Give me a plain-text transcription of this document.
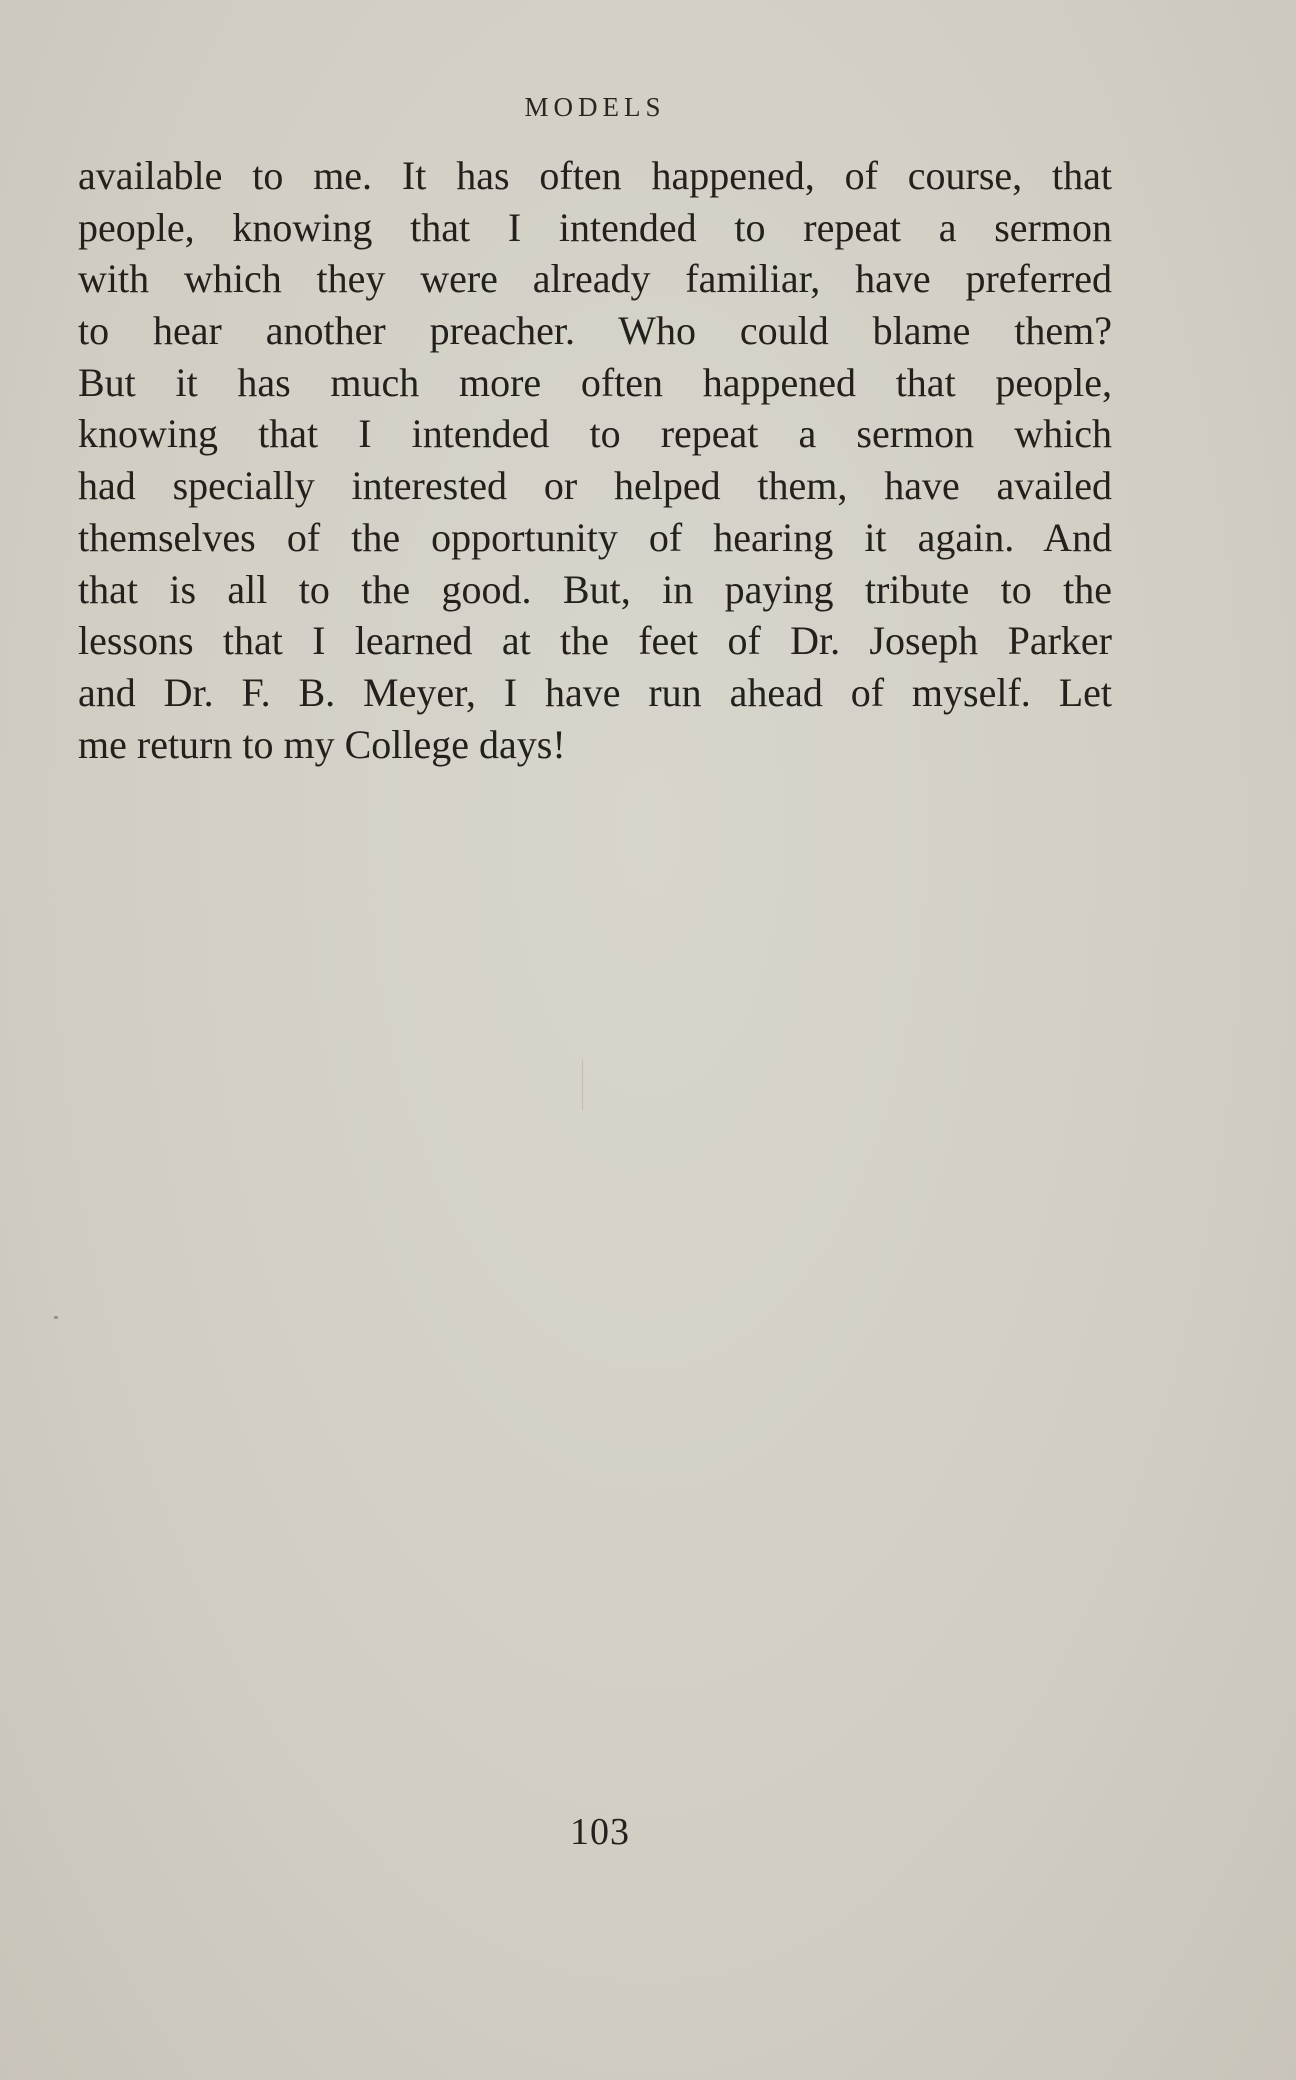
MODELS
available to me. It has often happened, of course, that
people, knowing that I intended to repeat a sermon
with which they were already familiar, have preferred
to hear another preacher. Who could blame them?
But it has much more often happened that people,
knowing that I intended to repeat a sermon which
had specially interested or helped them, have availed
themselves of the opportunity of hearing it again. And
that is all to the good. But, in paying tribute to the
lessons that I learned at the feet of Dr. Joseph Parker
and Dr. F. B. Meyer, I have run ahead of myself. Let
me return to my College days!
103
